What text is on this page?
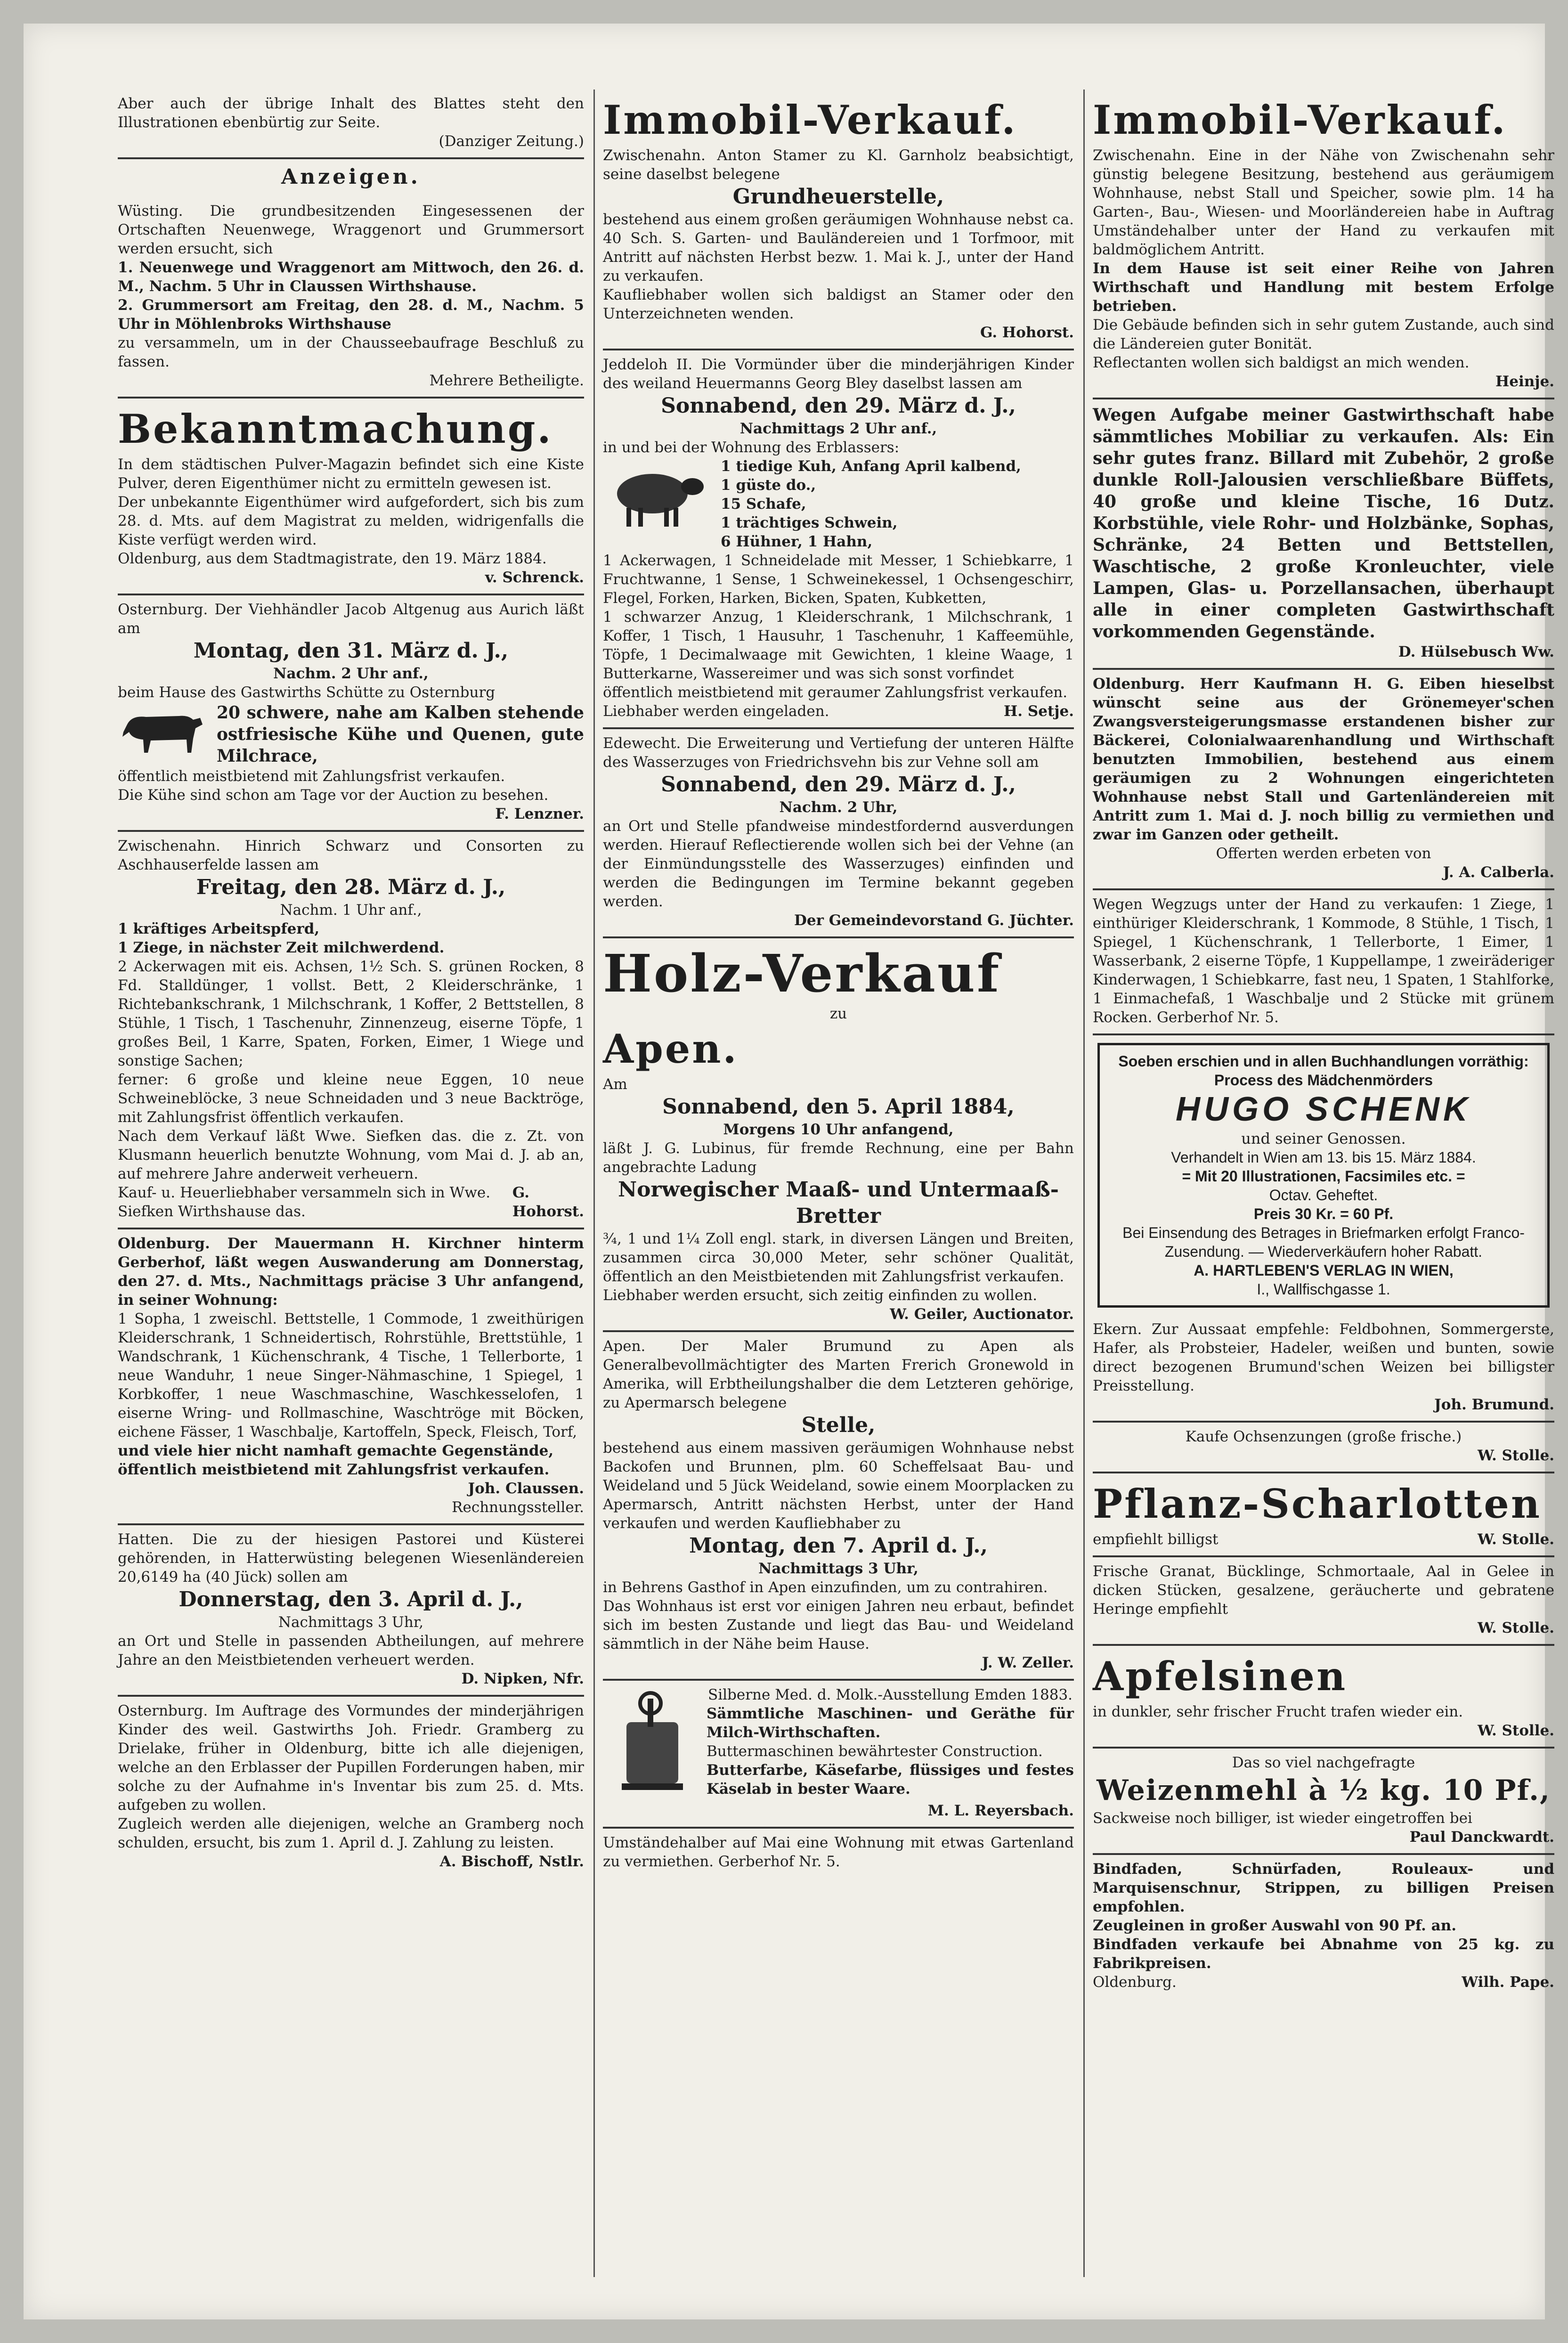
Aber auch der übrige Inhalt des Blattes steht den Illustrationen ebenbürtig zur Seite.

(Danziger Zeitung.)

Anzeigen.

Wüsting. Die grundbesitzenden Eingesessenen der Ortschaften Neuenwege, Wraggenort und Grummersort werden ersucht, sich

1. Neuenwege und Wraggenort am Mittwoch, den 26. d. M., Nachm. 5 Uhr in Claussen Wirthshause.

2. Grummersort am Freitag, den 28. d. M., Nachm. 5 Uhr in Möhlenbroks Wirthshause

zu versammeln, um in der Chausseebaufrage Beschluß zu fassen.

Mehrere Betheiligte.

Bekanntmachung.

In dem städtischen Pulver-Magazin befindet sich eine Kiste Pulver, deren Eigenthümer nicht zu ermitteln gewesen ist.

Der unbekannte Eigenthümer wird aufgefordert, sich bis zum 28. d. Mts. auf dem Magistrat zu melden, widrigenfalls die Kiste verfügt werden wird.

Oldenburg, aus dem Stadtmagistrate, den 19. März 1884.

v. Schrenck.

Osternburg. Der Viehhändler Jacob Altgenug aus Aurich läßt am

Montag, den 31. März d. J.,

Nachm. 2 Uhr anf.,

beim Hause des Gastwirths Schütte zu Osternburg

20 schwere, nahe am Kalben stehende ostfriesische Kühe und Quenen, gute Milchrace,

öffentlich meistbietend mit Zahlungsfrist verkaufen.

Die Kühe sind schon am Tage vor der Auction zu besehen.

F. Lenzner.

Zwischenahn. Hinrich Schwarz und Consorten zu Aschhauserfelde lassen am

Freitag, den 28. März d. J.,

Nachm. 1 Uhr anf.,

1 kräftiges Arbeitspferd,

1 Ziege, in nächster Zeit milchwerdend.

2 Ackerwagen mit eis. Achsen, 1½ Sch. S. grünen Rocken, 8 Fd. Stalldünger, 1 vollst. Bett, 2 Kleiderschränke, 1 Richtebankschrank, 1 Milchschrank, 1 Koffer, 2 Bettstellen, 8 Stühle, 1 Tisch, 1 Taschenuhr, Zinnenzeug, eiserne Töpfe, 1 großes Beil, 1 Karre, Spaten, Forken, Eimer, 1 Wiege und sonstige Sachen;

ferner: 6 große und kleine neue Eggen, 10 neue Schweineblöcke, 3 neue Schneidaden und 3 neue Backtröge, mit Zahlungsfrist öffentlich verkaufen.

Nach dem Verkauf läßt Wwe. Siefken das. die z. Zt. von Klusmann heuerlich benutzte Wohnung, vom Mai d. J. ab an, auf mehrere Jahre anderweit verheuern.

Kauf- u. Heuerliebhaber versammeln sich in Wwe. Siefken Wirthshause das.
G. Hohorst.

Oldenburg. Der Mauermann H. Kirchner hinterm Gerberhof, läßt wegen Auswanderung am Donnerstag, den 27. d. Mts., Nachmittags präcise 3 Uhr anfangend, in seiner Wohnung:

1 Sopha, 1 zweischl. Bettstelle, 1 Commode, 1 zweithürigen Kleiderschrank, 1 Schneidertisch, Rohrstühle, Brettstühle, 1 Wandschrank, 1 Küchenschrank, 4 Tische, 1 Tellerborte, 1 neue Wanduhr, 1 neue Singer-Nähmaschine, 1 Spiegel, 1 Korbkoffer, 1 neue Waschmaschine, Waschkesselofen, 1 eiserne Wring- und Rollmaschine, Waschtröge mit Böcken, eichene Fässer, 1 Waschbalje, Kartoffeln, Speck, Fleisch, Torf,

und viele hier nicht namhaft gemachte Gegenstände,

öffentlich meistbietend mit Zahlungsfrist verkaufen.

Joh. Claussen.

Rechnungssteller.

Hatten. Die zu der hiesigen Pastorei und Küsterei gehörenden, in Hatterwüsting belegenen Wiesenländereien 20,6149 ha (40 Jück) sollen am

Donnerstag, den 3. April d. J.,

Nachmittags 3 Uhr,

an Ort und Stelle in passenden Abtheilungen, auf mehrere Jahre an den Meistbietenden verheuert werden.

D. Nipken, Nfr.

Osternburg. Im Auftrage des Vormundes der minderjährigen Kinder des weil. Gastwirths Joh. Friedr. Gramberg zu Drielake, früher in Oldenburg, bitte ich alle diejenigen, welche an den Erblasser der Pupillen Forderungen haben, mir solche zu der Aufnahme in's Inventar bis zum 25. d. Mts. aufgeben zu wollen.

Zugleich werden alle diejenigen, welche an Gramberg noch schulden, ersucht, bis zum 1. April d. J. Zahlung zu leisten.

A. Bischoff, Nstlr.

Immobil-Verkauf.

Zwischenahn. Anton Stamer zu Kl. Garnholz beabsichtigt, seine daselbst belegene

Grundheuerstelle,

bestehend aus einem großen geräumigen Wohnhause nebst ca. 40 Sch. S. Garten- und Bauländereien und 1 Torfmoor, mit Antritt auf nächsten Herbst bezw. 1. Mai k. J., unter der Hand zu verkaufen.

Kaufliebhaber wollen sich baldigst an Stamer oder den Unterzeichneten wenden.

G. Hohorst.

Jeddeloh II. Die Vormünder über die minderjährigen Kinder des weiland Heuermanns Georg Bley daselbst lassen am

Sonnabend, den 29. März d. J.,

Nachmittags 2 Uhr anf.,

in und bei der Wohnung des Erblassers:

1 tiedige Kuh, Anfang April kalbend,
1 güste do.,
15 Schafe,
1 trächtiges Schwein,
6 Hühner, 1 Hahn,

1 Ackerwagen, 1 Schneidelade mit Messer, 1 Schiebkarre, 1 Fruchtwanne, 1 Sense, 1 Schweinekessel, 1 Ochsengeschirr, Flegel, Forken, Harken, Bicken, Spaten, Kubketten,

1 schwarzer Anzug, 1 Kleiderschrank, 1 Milchschrank, 1 Koffer, 1 Tisch, 1 Hausuhr, 1 Taschenuhr, 1 Kaffeemühle, Töpfe, 1 Decimalwaage mit Gewichten, 1 kleine Waage, 1 Butterkarne, Wassereimer und was sich sonst vorfindet

öffentlich meistbietend mit geraumer Zahlungsfrist verkaufen.

Liebhaber werden eingeladen.	H. Setje.

Edewecht. Die Erweiterung und Vertiefung der unteren Hälfte des Wasserzuges von Friedrichsvehn bis zur Vehne soll am

Sonnabend, den 29. März d. J.,

Nachm. 2 Uhr,

an Ort und Stelle pfandweise mindestfordernd ausverdungen werden. Hierauf Reflectierende wollen sich bei der Vehne (an der Einmündungsstelle des Wasserzuges) einfinden und werden die Bedingungen im Termine bekannt gegeben werden.

Der Gemeindevorstand G. Jüchter.

Holz-Verkauf

zu

Apen.

Am

Sonnabend, den 5. April 1884,

Morgens 10 Uhr anfangend,

läßt J. G. Lubinus, für fremde Rechnung, eine per Bahn angebrachte Ladung

Norwegischer Maaß- und Untermaaß-Bretter

¾, 1 und 1¼ Zoll engl. stark, in diversen Längen und Breiten, zusammen circa 30,000 Meter, sehr schöner Qualität, öffentlich an den Meistbietenden mit Zahlungsfrist verkaufen.

Liebhaber werden ersucht, sich zeitig einfinden zu wollen.

W. Geiler, Auctionator.

Apen. Der Maler Brumund zu Apen als Generalbevollmächtigter des Marten Frerich Gronewold in Amerika, will Erbtheilungshalber die dem Letzteren gehörige, zu Apermarsch belegene

Stelle,

bestehend aus einem massiven geräumigen Wohnhause nebst Backofen und Brunnen, plm. 60 Scheffelsaat Bau- und Weideland und 5 Jück Weideland, sowie einem Moorplacken zu Apermarsch, Antritt nächsten Herbst, unter der Hand verkaufen und werden Kaufliebhaber zu

Montag, den 7. April d. J.,

Nachmittags 3 Uhr,

in Behrens Gasthof in Apen einzufinden, um zu contrahiren.

Das Wohnhaus ist erst vor einigen Jahren neu erbaut, befindet sich im besten Zustande und liegt das Bau- und Weideland sämmtlich in der Nähe beim Hause.

J. W. Zeller.

Silberne Med. d. Molk.-Ausstellung Emden 1883.

Sämmtliche Maschinen- und Geräthe für Milch-Wirthschaften.

Buttermaschinen bewährtester Construction.

Butterfarbe, Käsefarbe, flüssiges und festes Käselab in bester Waare.

M. L. Reyersbach.

Umständehalber auf Mai eine Wohnung mit etwas Gartenland zu vermiethen. Gerberhof Nr. 5.

Immobil-Verkauf.

Zwischenahn. Eine in der Nähe von Zwischenahn sehr günstig belegene Besitzung, bestehend aus geräumigem Wohnhause, nebst Stall und Speicher, sowie plm. 14 ha Garten-, Bau-, Wiesen- und Moorländereien habe in Auftrag Umständehalber unter der Hand zu verkaufen mit baldmöglichem Antritt.

In dem Hause ist seit einer Reihe von Jahren Wirthschaft und Handlung mit bestem Erfolge betrieben.

Die Gebäude befinden sich in sehr gutem Zustande, auch sind die Ländereien guter Bonität.

Reflectanten wollen sich baldigst an mich wenden.

Heinje.

Wegen Aufgabe meiner Gastwirthschaft habe sämmtliches Mobiliar zu verkaufen. Als: Ein sehr gutes franz. Billard mit Zubehör, 2 große dunkle Roll-Jalousien verschließbare Büffets, 40 große und kleine Tische, 16 Dutz. Korbstühle, viele Rohr- und Holzbänke, Sophas, Schränke, 24 Betten und Bettstellen, Waschtische, 2 große Kronleuchter, viele Lampen, Glas- u. Porzellansachen, überhaupt alle in einer completen Gastwirthschaft vorkommenden Gegenstände.

D. Hülsebusch Ww.

Oldenburg. Herr Kaufmann H. G. Eiben hieselbst wünscht seine aus der Grönemeyer'schen Zwangsversteigerungsmasse erstandenen bisher zur Bäckerei, Colonialwaarenhandlung und Wirthschaft benutzten Immobilien, bestehend aus einem geräumigen zu 2 Wohnungen eingerichteten Wohnhause nebst Stall und Gartenländereien mit Antritt zum 1. Mai d. J. noch billig zu vermiethen und zwar im Ganzen oder getheilt.

Offerten werden erbeten von

J. A. Calberla.

Wegen Wegzugs unter der Hand zu verkaufen: 1 Ziege, 1 einthüriger Kleiderschrank, 1 Kommode, 8 Stühle, 1 Tisch, 1 Spiegel, 1 Küchenschrank, 1 Tellerborte, 1 Eimer, 1 Wasserbank, 2 eiserne Töpfe, 1 Kuppellampe, 1 zweiräderiger Kinderwagen, 1 Schiebkarre, fast neu, 1 Spaten, 1 Stahlforke, 1 Einmachefaß, 1 Waschbalje und 2 Stücke mit grünem Rocken. Gerberhof Nr. 5.

Soeben erschien und in allen Buchhandlungen vorräthig:
Process des Mädchenmörders
HUGO SCHENK
und seiner Genossen.
Verhandelt in Wien am 13. bis 15. März 1884.
= Mit 20 Illustrationen, Facsimiles etc. =
Octav. Geheftet.
Preis 30 Kr. = 60 Pf.
Bei Einsendung des Betrages in Briefmarken erfolgt Franco-Zusendung. — Wiederverkäufern hoher Rabatt.
A. HARTLEBEN'S VERLAG IN WIEN,
I., Wallfischgasse 1.

Ekern. Zur Aussaat empfehle: Feldbohnen, Sommergerste, Hafer, als Probsteier, Hadeler, weißen und bunten, sowie direct bezogenen Brumund'schen Weizen bei billigster Preisstellung.

Joh. Brumund.

Kaufe Ochsenzungen (große frische.)

W. Stolle.

Pflanz-Scharlotten

empfiehlt billigst	W. Stolle.

Frische Granat, Bücklinge, Schmortaale, Aal in Gelee in dicken Stücken, gesalzene, geräucherte und gebratene Heringe empfiehlt

W. Stolle.

Apfelsinen

in dunkler, sehr frischer Frucht trafen wieder ein.

W. Stolle.

Das so viel nachgefragte

Weizenmehl à ½ kg. 10 Pf.,

Sackweise noch billiger, ist wieder eingetroffen bei

Paul Danckwardt.

Bindfaden, Schnürfaden, Rouleaux- und Marquisenschnur, Strippen, zu billigen Preisen empfohlen.

Zeugleinen in großer Auswahl von 90 Pf. an.

Bindfaden verkaufe bei Abnahme von 25 kg. zu Fabrikpreisen.

Oldenburg.	Wilh. Pape.
